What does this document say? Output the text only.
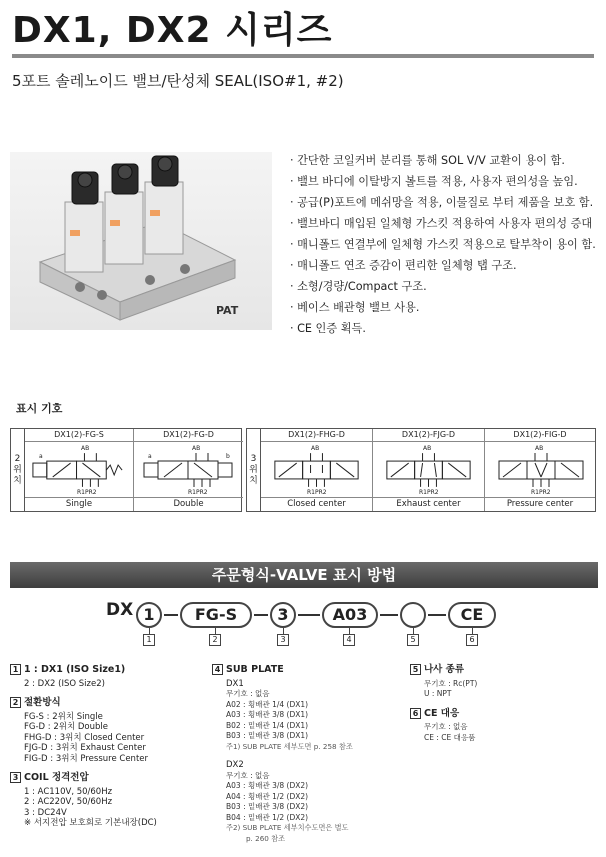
DX1, DX2 시리즈
5포트 솔레노이드 밸브/탄성체 SEAL(ISO#1, #2)
PAT
· 간단한 코일커버 분리를 통해 SOL V/V 교환이 용이 함.
· 밸브 바디에 이탈방지 볼트를 적용, 사용자 편의성을 높임.
· 공급(P)포트에 메쉬망을 적용, 이물질로 부터 제품을 보호 함.
· 밸브바디 매입된 일체형 가스킷 적용하여 사용자 편의성 증대
· 매니폴드 연결부에 일체형 가스킷 적용으로 탈부착이 용이 함.
· 매니폴드 연조 증감이 편리한 일체형 탭 구조.
· 소형/경량/Compact 구조.
· 베이스 배관형 밸브 사용.
· CE 인증 획득.
표시 기호
2
위
치
DX1(2)-FG-S
AB
a
R1PR2
Single
DX1(2)-FG-D
AB
a	b
R1PR2
Double
3
위
치
DX1(2)-FHG-D
AB
R1PR2
Closed center
DX1(2)-FJG-D
AB
R1PR2
Exhaust center
DX1(2)-FIG-D
AB
R1PR2
Pressure center
주문형식-VALVE 표시 방법
DX 1	FG-S	3	A03	CE
1	2	3	4	5	6
1 1 : DX1 (ISO Size1)
2 : DX2 (ISO Size2)
2 절환방식
FG-S : 2위치 Single
FG-D : 2위치 Double
FHG-D : 3위치 Closed Center
FJG-D : 3위치 Exhaust Center
FIG-D : 3위치 Pressure Center
3 COIL 정격전압
1 : AC110V, 50/60Hz
2 : AC220V, 50/60Hz
3 : DC24V
※ 서지전압 보호회로 기본내장(DC)
4 SUB PLATE
DX1
무기호 : 없음
A02 : 횡배관 1/4 (DX1)
A03 : 횡배관 3/8 (DX1)
B02 : 밑배관 1/4 (DX1)
B03 : 밑배관 3/8 (DX1)
주1) SUB PLATE 세부도면 p. 258 참조
DX2
무기호 : 없음
A03 : 횡배관 3/8 (DX2)
A04 : 횡배관 1/2 (DX2)
B03 : 밑배관 3/8 (DX2)
B04 : 밑배관 1/2 (DX2)
주2) SUB PLATE 세부치수도면은 별도
p. 260 참조
5 나사 종류
무기호 : Rc(PT)
U : NPT
6 CE 대응
무기호 : 없음
CE : CE 대응품
